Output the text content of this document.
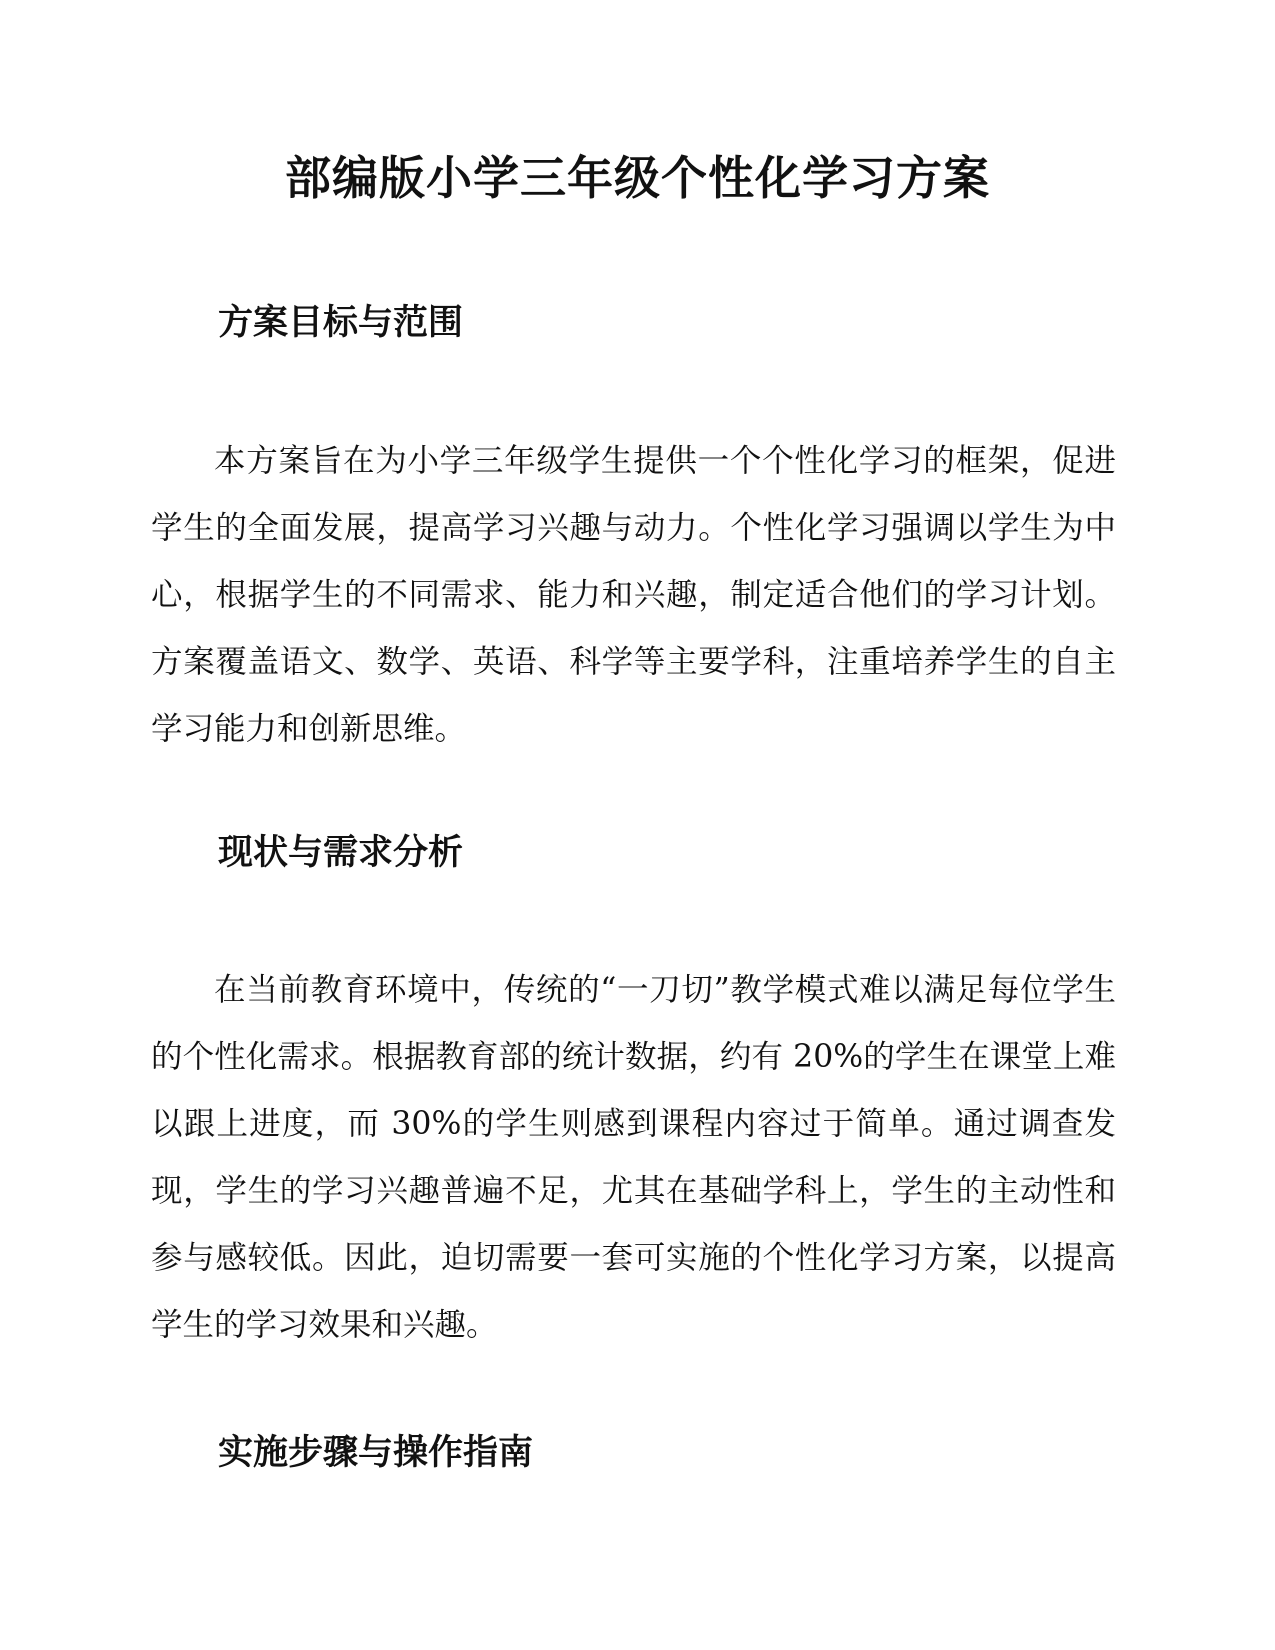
部编版小学三年级个性化学习方案
方案目标与范围

本方案旨在为小学三年级学生提供一个个性化学习的框架，促进学生的全面发展，提高学习兴趣与动力。个性化学习强调以学生为中心，根据学生的不同需求、能力和兴趣，制定适合他们的学习计划。方案覆盖语文、数学、英语、科学等主要学科，注重培养学生的自主学习能力和创新思维。

现状与需求分析

在当前教育环境中，传统的“一刀切”教学模式难以满足每位学生的个性化需求。根据教育部的统计数据，约有 20%的学生在课堂上难以跟上进度，而 30%的学生则感到课程内容过于简单。通过调查发现，学生的学习兴趣普遍不足，尤其在基础学科上，学生的主动性和参与感较低。因此，迫切需要一套可实施的个性化学习方案，以提高学生的学习效果和兴趣。

实施步骤与操作指南
